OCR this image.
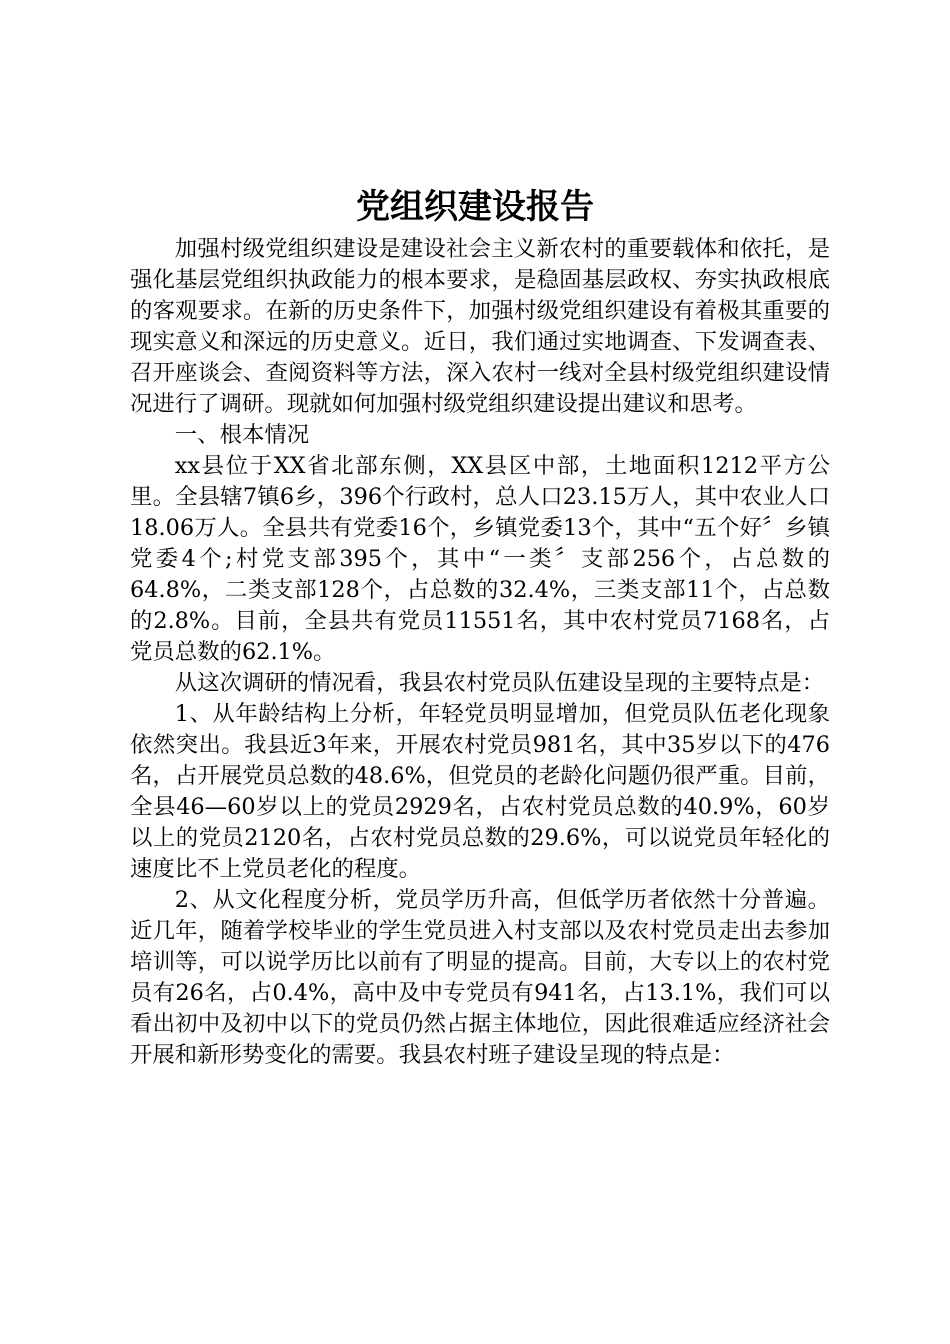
党组织建设报告

加强村级党组织建设是建设社会主义新农村的重要载体和依托，是强化基层党组织执政能力的根本要求，是稳固基层政权、夯实执政根底的客观要求。在新的历史条件下，加强村级党组织建设有着极其重要的现实意义和深远的历史意义。近日，我们通过实地调查、下发调查表、召开座谈会、查阅资料等方法，深入农村一线对全县村级党组织建设情况进行了调研。现就如何加强村级党组织建设提出建议和思考。

一、根本情况

xx县位于XX省北部东侧，XX县区中部，土地面积1212平方公里。全县辖7镇6乡，396个行政村，总人口23.15万人，其中农业人口18.06万人。全县共有党委16个，乡镇党委13个，其中“五个好〞乡镇党委4个;村党支部395个，其中“一类〞支部256个，占总数的64.8%，二类支部128个，占总数的32.4%，三类支部11个，占总数的2.8%。目前，全县共有党员11551名，其中农村党员7168名，占党员总数的62.1%。

从这次调研的情况看，我县农村党员队伍建设呈现的主要特点是：

1、从年龄结构上分析，年轻党员明显增加，但党员队伍老化现象依然突出。我县近3年来，开展农村党员981名，其中35岁以下的476名，占开展党员总数的48.6%，但党员的老龄化问题仍很严重。目前，全县46—60岁以上的党员2929名，占农村党员总数的40.9%，60岁以上的党员2120名，占农村党员总数的29.6%，可以说党员年轻化的速度比不上党员老化的程度。

2、从文化程度分析，党员学历升高，但低学历者依然十分普遍。近几年，随着学校毕业的学生党员进入村支部以及农村党员走出去参加培训等，可以说学历比以前有了明显的提高。目前，大专以上的农村党员有26名，占0.4%，高中及中专党员有941名，占13.1%，我们可以看出初中及初中以下的党员仍然占据主体地位，因此很难适应经济社会开展和新形势变化的需要。我县农村班子建设呈现的特点是：
